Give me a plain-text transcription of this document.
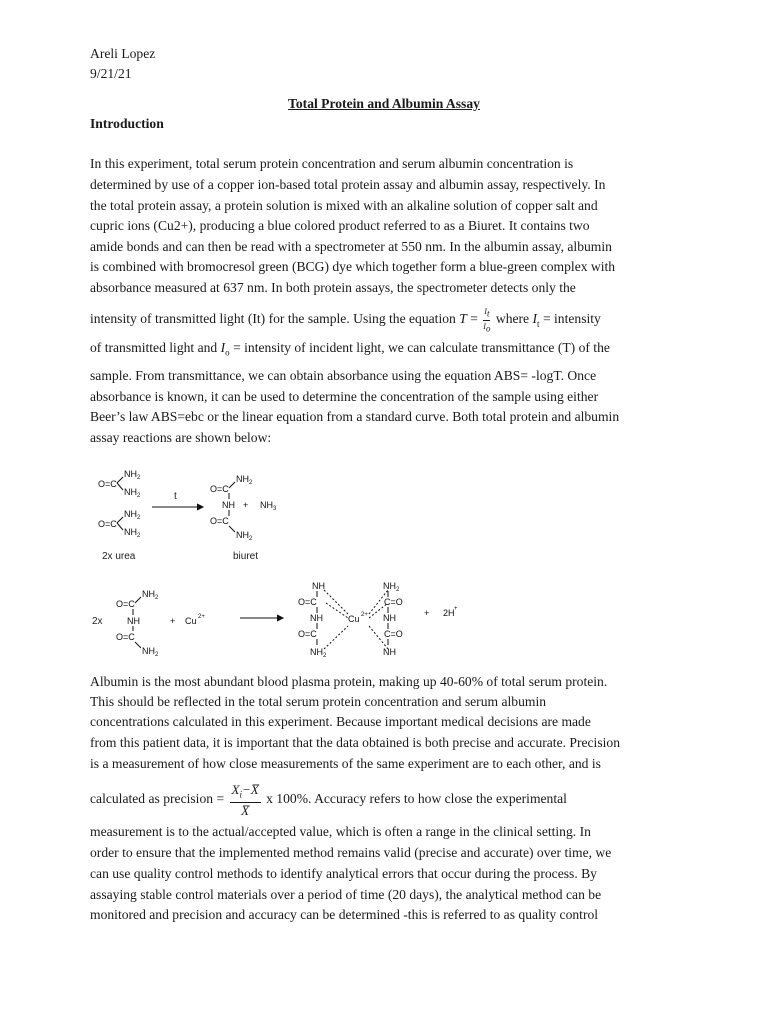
Areli Lopez
9/21/21
Total Protein and Albumin Assay
Introduction
In this experiment, total serum protein concentration and serum albumin concentration is
determined by use of a copper ion-based total protein assay and albumin assay, respectively. In
the total protein assay, a protein solution is mixed with an alkaline solution of copper salt and
cupric ions (Cu2+), producing a blue colored product referred to as a Biuret. It contains two
amide bonds and can then be read with a spectrometer at 550 nm. In the albumin assay, albumin
is combined with bromocresol green (BCG) dye which together form a blue-green complex with
absorbance measured at 637 nm. In both protein assays, the spectrometer detects only the
intensity of transmitted light (It) for the sample. Using the equation $T = \frac{I_t}{I_o}$ where $I_t$ = intensity
of transmitted light and $I_o$ = intensity of incident light, we can calculate transmittance (T) of the
sample. From transmittance, we can obtain absorbance using the equation ABS= -logT. Once
absorbance is known, it can be used to determine the concentration of the sample using either
Beer’s law ABS=ebc or the linear equation from a standard curve. Both total protein and albumin
assay reactions are shown below:
O=C
NH 2
NH 2
O=C
NH 2
NH 2
2x urea
t
O=C
NH 2
NH + NH 3
O=C
NH 2
biuret
2x
O=C
NH 2
NH
O=C
NH 2
+ Cu 2+
NH
O=C
NH
O=C
NH 2
Cu 2+
NH 2
C=O
NH
C=O
NH
+ 2H +
Albumin is the most abundant blood plasma protein, making up 40-60% of total serum protein.
This should be reflected in the total serum protein concentration and serum albumin
concentrations calculated in this experiment. Because important medical decisions are made
from this patient data, it is important that the data obtained is both precise and accurate. Precision
is a measurement of how close measurements of the same experiment are to each other, and is
calculated as precision = $\frac{X_i-X̅}{X̅}$ x 100%. Accuracy refers to how close the experimental
measurement is to the actual/accepted value, which is often a range in the clinical setting. In
order to ensure that the implemented method remains valid (precise and accurate) over time, we
can use quality control methods to identify analytical errors that occur during the process. By
assaying stable control materials over a period of time (20 days), the analytical method can be
monitored and precision and accuracy can be determined -this is referred to as quality control
